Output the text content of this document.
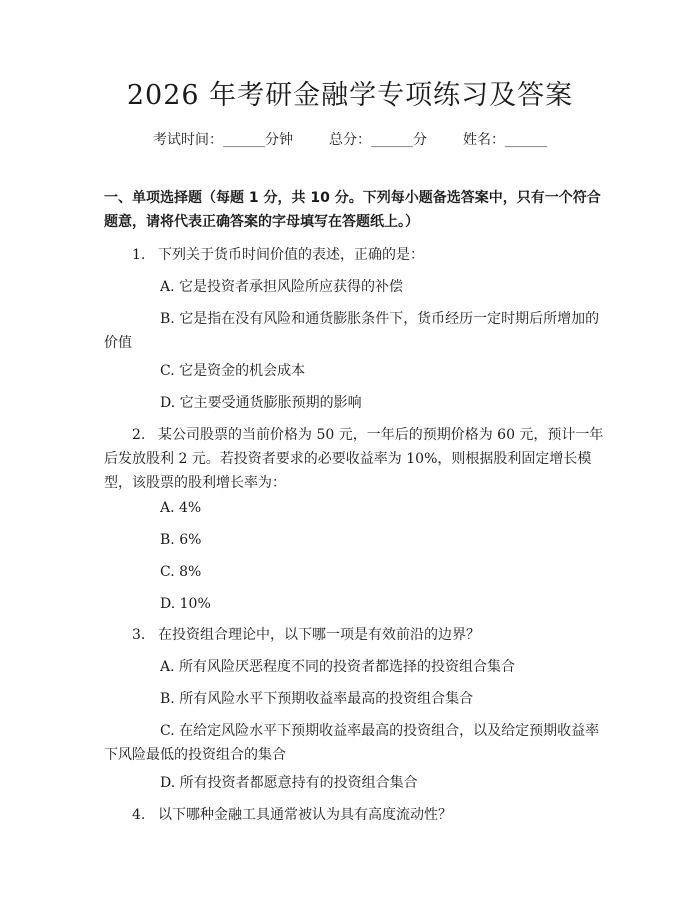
2026 年考研金融学专项练习及答案
考试时间：______分钟	总分：______分	姓名：______
一、单项选择题（每题 1 分，共 10 分。下列每小题备选答案中，只有一个符合题意，请将代表正确答案的字母填写在答题纸上。）
1. 下列关于货币时间价值的表述，正确的是：
A. 它是投资者承担风险所应获得的补偿
B. 它是指在没有风险和通货膨胀条件下，货币经历一定时期后所增加的价值
C. 它是资金的机会成本
D. 它主要受通货膨胀预期的影响
2. 某公司股票的当前价格为 50 元，一年后的预期价格为 60 元，预计一年后发放股利 2 元。若投资者要求的必要收益率为 10%，则根据股利固定增长模型，该股票的股利增长率为：
A. 4%
B. 6%
C. 8%
D. 10%
3. 在投资组合理论中，以下哪一项是有效前沿的边界？
A. 所有风险厌恶程度不同的投资者都选择的投资组合集合
B. 所有风险水平下预期收益率最高的投资组合集合
C. 在给定风险水平下预期收益率最高的投资组合，以及给定预期收益率下风险最低的投资组合的集合
D. 所有投资者都愿意持有的投资组合集合
4. 以下哪种金融工具通常被认为具有高度流动性？
